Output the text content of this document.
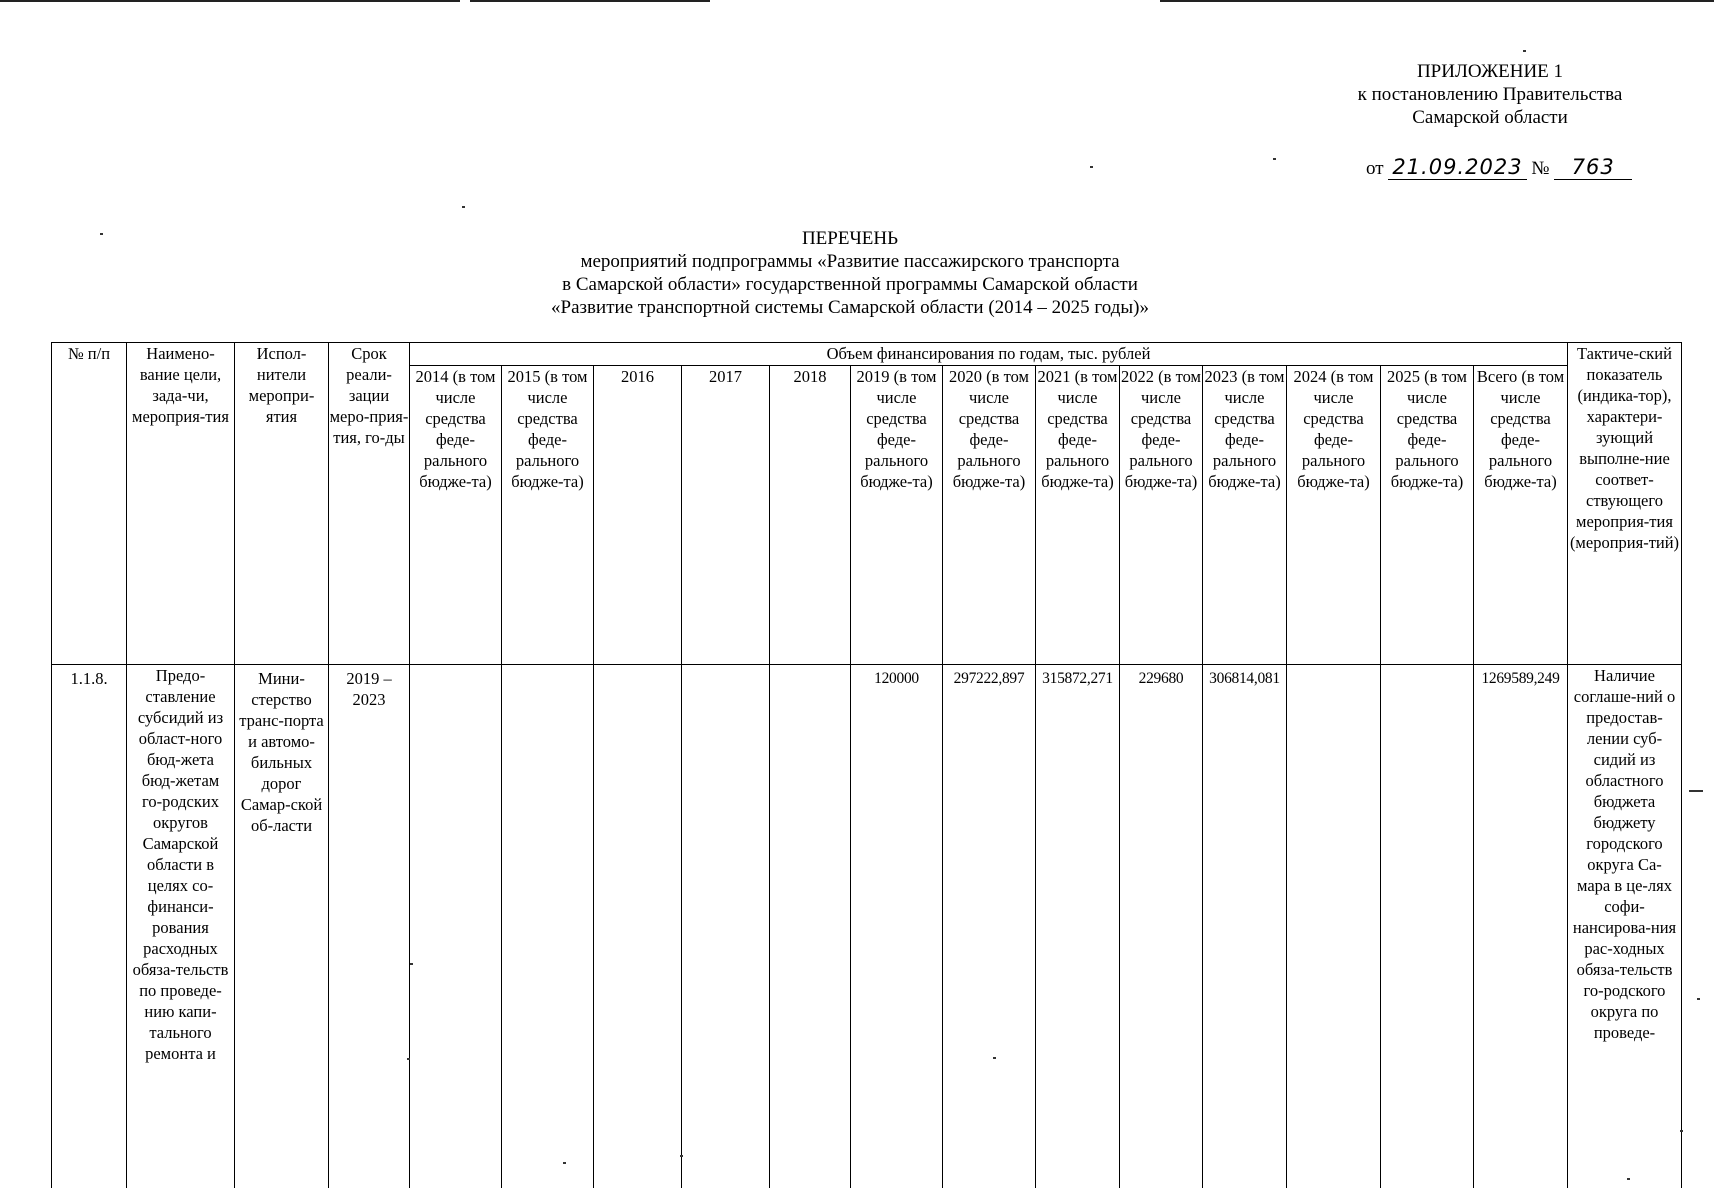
ПРИЛОЖЕНИЕ 1
к постановлению Правительства
Самарской области
от 21.09.2023 № 763
ПЕРЕЧЕНЬ
мероприятий подпрограммы «Развитие пассажирского транспорта
в Самарской области» государственной программы Самарской области
«Развитие транспортной системы Самарской области (2014 – 2025 годы)»
№ п/п	Наимено-вание цели, зада-чи, мероприя-тия	Испол-нители меропри-ятия	Срок реали-зации меро-прия-тия, го-ды	Объем финансирования по годам, тыс. рублей													Тактиче-ский показатель (индика-тор), характери-зующий выполне-ние соответ-ствующего мероприя-тия (мероприя-тий)
				2014 (в том числе средства феде-рального бюдже-та)	2015 (в том числе средства феде-рального бюдже-та)	2016	2017	2018	2019 (в том числе средства феде-рального бюдже-та)	2020 (в том числе средства феде-рального бюдже-та)	2021 (в том числе средства феде-рального бюдже-та)	2022 (в том числе средства феде-рального бюдже-та)	2023 (в том числе средства феде-рального бюдже-та)	2024 (в том числе средства феде-рального бюдже-та)	2025 (в том числе средства феде-рального бюдже-та)	Всего (в том числе средства феде-рального бюдже-та)	
1.1.8.	Предо-ставление субсидий из област-ного бюд-жета бюд-жетам го-родских округов Самарской области в целях со-финанси-рования расходных обяза-тельств по проведе-нию капи-тального ремонта и	Мини-стерство транс-порта и автомо-бильных дорог Самар-ской об-ласти	2019 – 2023						120000	297222,897	315872,271	229680	306814,081			1269589,249	Наличие соглаше-ний о предостав-лении суб-сидий из областного бюджета бюджету городского округа Са-мара в це-лях софи-нансирова-ния рас-ходных обяза-тельств го-родского округа по проведе-
